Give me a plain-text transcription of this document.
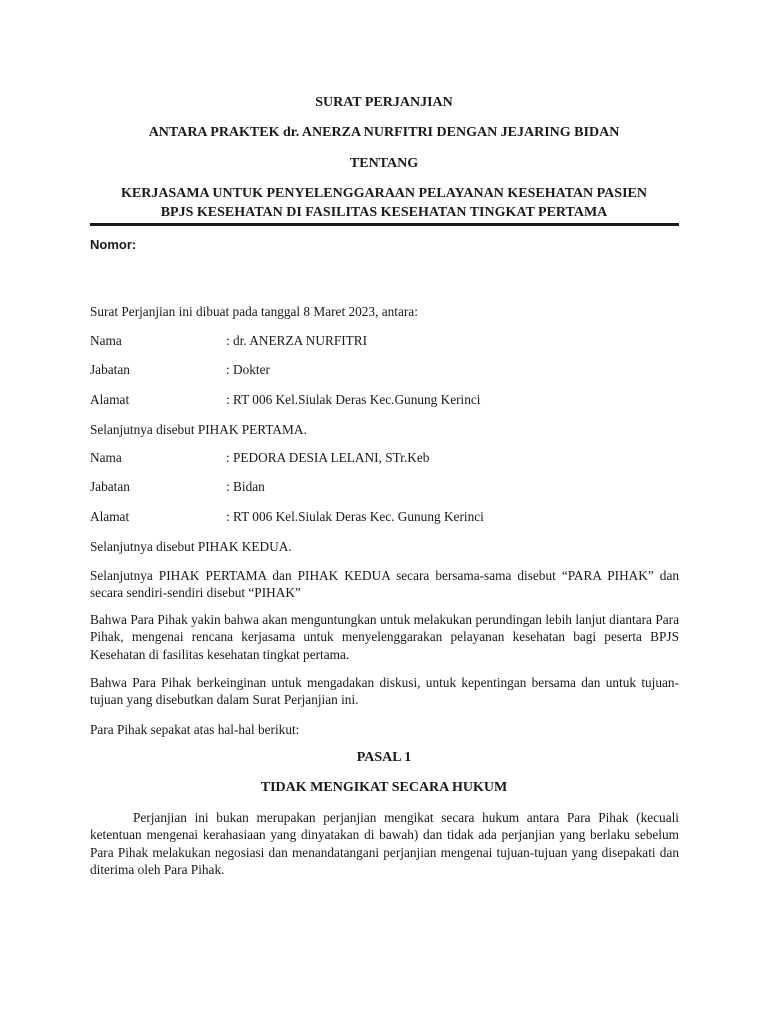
SURAT PERJANJIAN
ANTARA PRAKTEK dr. ANERZA NURFITRI DENGAN JEJARING BIDAN
TENTANG
KERJASAMA UNTUK PENYELENGGARAAN PELAYANAN KESEHATAN PASIEN
BPJS KESEHATAN DI FASILITAS KESEHATAN TINGKAT PERTAMA
Nomor:
Surat Perjanjian ini dibuat pada tanggal 8 Maret 2023, antara:
Nama	: dr. ANERZA NURFITRI
Jabatan	: Dokter
Alamat	: RT 006 Kel.Siulak Deras Kec.Gunung Kerinci
Selanjutnya disebut PIHAK PERTAMA.
Nama	: PEDORA DESIA LELANI, STr.Keb
Jabatan	: Bidan
Alamat	: RT 006 Kel.Siulak Deras Kec. Gunung Kerinci
Selanjutnya disebut PIHAK KEDUA.
Selanjutnya PIHAK PERTAMA dan PIHAK KEDUA secara bersama-sama disebut “PARA PIHAK” dan secara sendiri-sendiri disebut “PIHAK”
Bahwa Para Pihak yakin bahwa akan menguntungkan untuk melakukan perundingan lebih lanjut diantara Para Pihak, mengenai rencana kerjasama untuk menyelenggarakan pelayanan kesehatan bagi peserta BPJS Kesehatan di fasilitas kesehatan tingkat pertama.
Bahwa Para Pihak berkeinginan untuk mengadakan diskusi, untuk kepentingan bersama dan untuk tujuan-tujuan yang disebutkan dalam Surat Perjanjian ini.
Para Pihak sepakat atas hal-hal berikut:
PASAL 1
TIDAK MENGIKAT SECARA HUKUM
Perjanjian ini bukan merupakan perjanjian mengikat secara hukum antara Para Pihak (kecuali ketentuan mengenai kerahasiaan yang dinyatakan di bawah) dan tidak ada perjanjian yang berlaku sebelum Para Pihak melakukan negosiasi dan menandatangani perjanjian mengenai tujuan-tujuan yang disepakati dan diterima oleh Para Pihak.
